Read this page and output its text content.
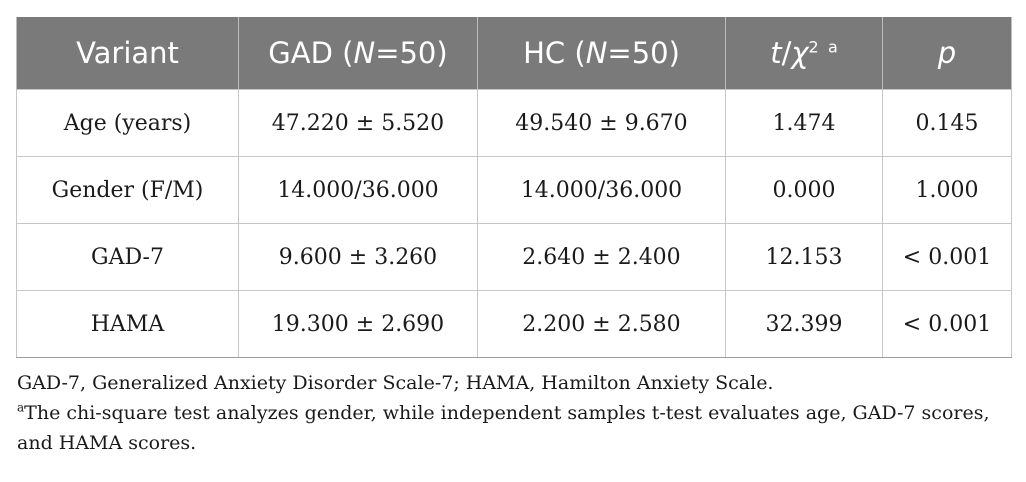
Variant	GAD (N=50)	HC (N=50)	$t/\chi^2$ $^a$	p
Age (years)	47.220 ± 5.520	49.540 ± 9.670	1.474	0.145
Gender (F/M)	14.000/36.000	14.000/36.000	0.000	1.000
GAD-7	9.600 ± 3.260	2.640 ± 2.400	12.153	< 0.001
HAMA	19.300 ± 2.690	2.200 ± 2.580	32.399	< 0.001

GAD-7, Generalized Anxiety Disorder Scale-7; HAMA, Hamilton Anxiety Scale.

$^a$The chi-square test analyzes gender, while independent samples t-test evaluates age, GAD-7 scores, and HAMA scores.
